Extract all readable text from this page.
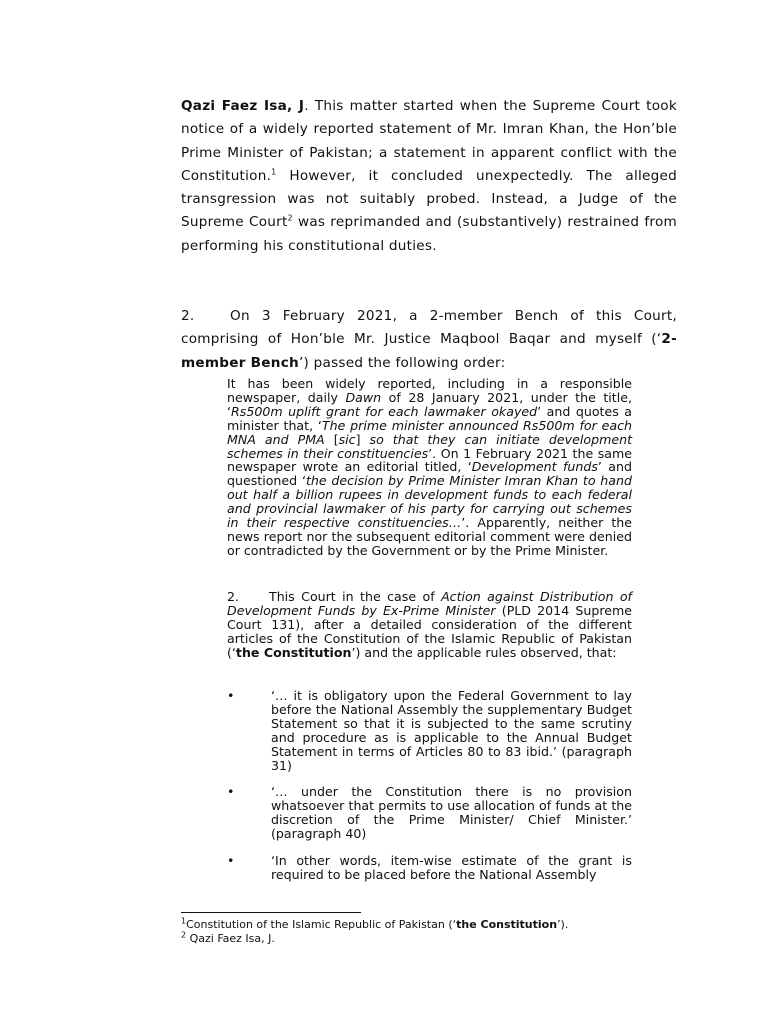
Qazi Faez Isa, J. This matter started when the Supreme Court took notice of a widely reported statement of Mr. Imran Khan, the Hon’ble Prime Minister of Pakistan; a statement in apparent conflict with the Constitution.$^1$ However, it concluded unexpectedly. The alleged transgression was not suitably probed. Instead, a Judge of the Supreme Court$^2$ was reprimanded and (substantively) restrained from performing his constitutional duties.

2.	On 3 February 2021, a 2-member Bench of this Court, comprising of Hon’ble Mr. Justice Maqbool Baqar and myself (‘2-member Bench’) passed the following order:

It has been widely reported, including in a responsible newspaper, daily Dawn of 28 January 2021, under the title, ‘Rs500m uplift grant for each lawmaker okayed’ and quotes a minister that, ‘The prime minister announced Rs500m for each MNA and PMA [sic] so that they can initiate development schemes in their constituencies’. On 1 February 2021 the same newspaper wrote an editorial titled, ‘Development funds’ and questioned ‘the decision by Prime Minister Imran Khan to hand out half a billion rupees in development funds to each federal and provincial lawmaker of his party for carrying out schemes in their respective constituencies…’. Apparently, neither the news report nor the subsequent editorial comment were denied or contradicted by the Government or by the Prime Minister.

2. This Court in the case of Action against Distribution of Development Funds by Ex-Prime Minister (PLD 2014 Supreme Court 131), after a detailed consideration of the different articles of the Constitution of the Islamic Republic of Pakistan (‘the Constitution’) and the applicable rules observed, that:

•	‘… it is obligatory upon the Federal Government to lay before the National Assembly the supplementary Budget Statement so that it is subjected to the same scrutiny and procedure as is applicable to the Annual Budget Statement in terms of Articles 80 to 83 ibid.’ (paragraph 31)
•	‘… under the Constitution there is no provision whatsoever that permits to use allocation of funds at the discretion of the Prime Minister/ Chief Minister.’ (paragraph 40)
•	‘In other words, item-wise estimate of the grant is required to be placed before the National Assembly

$^1$Constitution of the Islamic Republic of Pakistan (‘the Constitution’).

$^2$ Qazi Faez Isa, J.
